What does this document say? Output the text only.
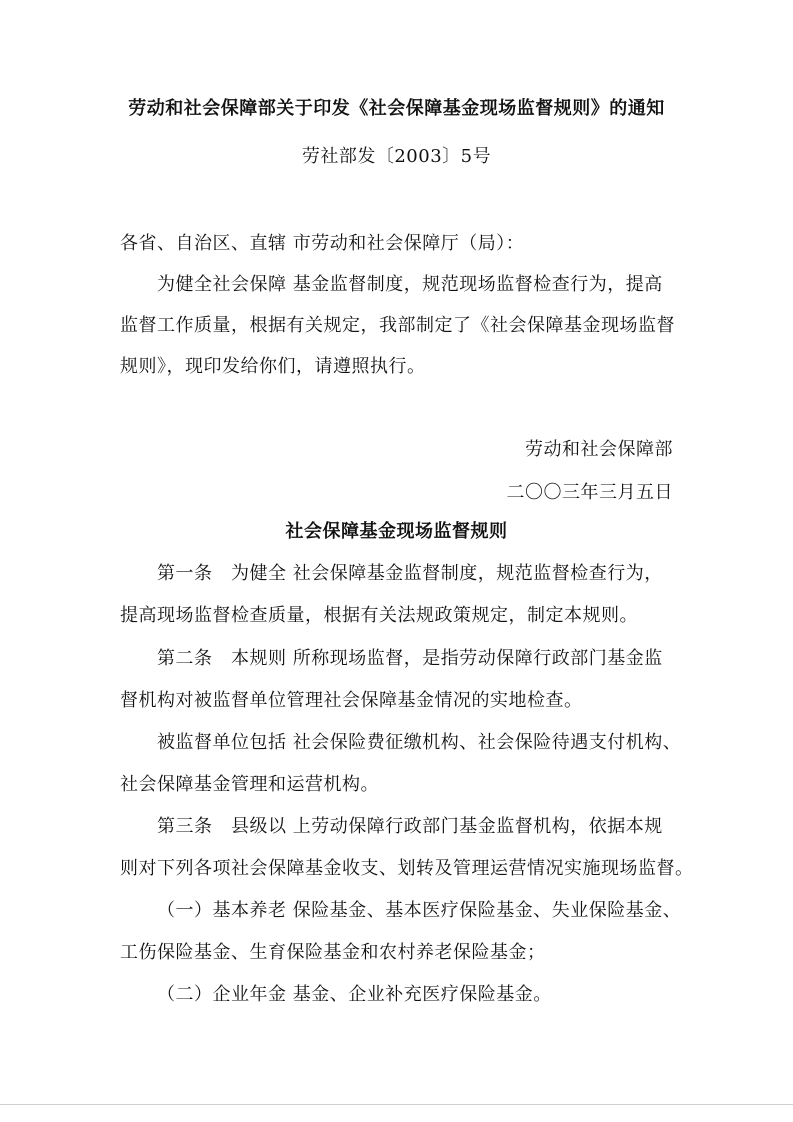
劳动和社会保障部关于印发《社会保障基金现场监督规则》的通知
劳社部发〔2003〕5号
各省、自治区、直辖 市劳动和社会保障厅（局）：
为健全社会保障 基金监督制度，规范现场监督检查行为，提高
监督工作质量，根据有关规定，我部制定了《社会保障基金现场监督
规则》，现印发给你们，请遵照执行。
劳动和社会保障部
二〇〇三年三月五日
社会保障基金现场监督规则
第一条　为健全 社会保障基金监督制度，规范监督检查行为，
提高现场监督检查质量，根据有关法规政策规定，制定本规则。
第二条　本规则 所称现场监督，是指劳动保障行政部门基金监
督机构对被监督单位管理社会保障基金情况的实地检查。
被监督单位包括 社会保险费征缴机构、社会保险待遇支付机构、
社会保障基金管理和运营机构。
第三条　县级以 上劳动保障行政部门基金监督机构，依据本规
则对下列各项社会保障基金收支、划转及管理运营情况实施现场监督。
（一）基本养老 保险基金、基本医疗保险基金、失业保险基金、
工伤保险基金、生育保险基金和农村养老保险基金；
（二）企业年金 基金、企业补充医疗保险基金。
